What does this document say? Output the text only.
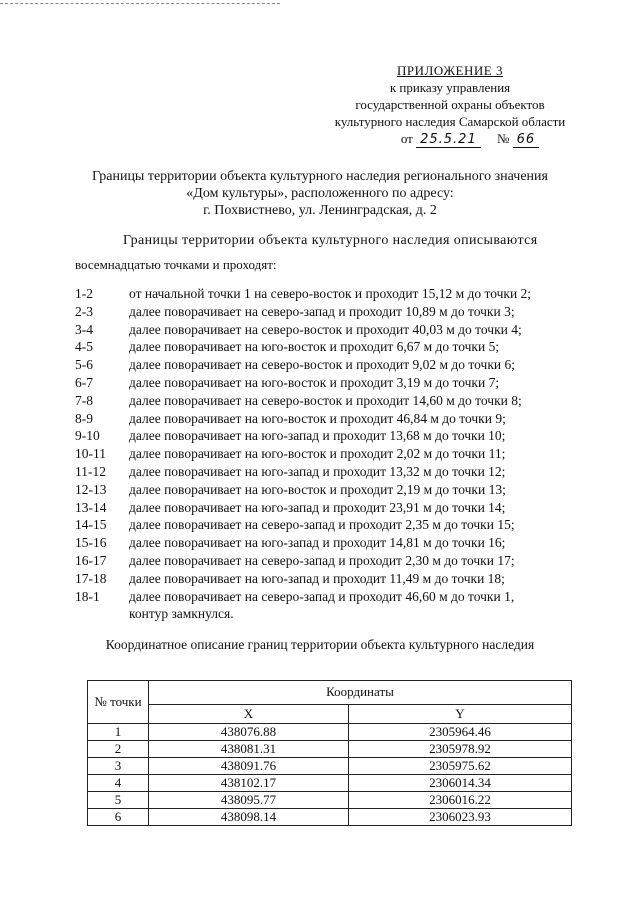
ПРИЛОЖЕНИЕ 3
к приказу управления
государственной охраны объектов
культурного наследия Самарской области
от 25.5.21 № 66
Границы территории объекта культурного наследия регионального значения
«Дом культуры», расположенного по адресу:
г. Похвистнево, ул. Ленинградская, д. 2
Границы территории объекта культурного наследия описываются
восемнадцатью точками и проходят:
1-2	от начальной точки 1 на северо-восток и проходит 15,12 м до точки 2;
2-3	далее поворачивает на северо-запад и проходит 10,89 м до точки 3;
3-4	далее поворачивает на северо-восток и проходит 40,03 м до точки 4;
4-5	далее поворачивает на юго-восток и проходит 6,67 м до точки 5;
5-6	далее поворачивает на северо-восток и проходит 9,02 м до точки 6;
6-7	далее поворачивает на юго-восток и проходит 3,19 м до точки 7;
7-8	далее поворачивает на северо-восток и проходит 14,60 м до точки 8;
8-9	далее поворачивает на юго-восток и проходит 46,84 м до точки 9;
9-10	далее поворачивает на юго-запад и проходит 13,68 м до точки 10;
10-11	далее поворачивает на юго-восток и проходит 2,02 м до точки 11;
11-12	далее поворачивает на юго-запад и проходит 13,32 м до точки 12;
12-13	далее поворачивает на юго-восток и проходит 2,19 м до точки 13;
13-14	далее поворачивает на юго-запад и проходит 23,91 м до точки 14;
14-15	далее поворачивает на северо-запад и проходит 2,35 м до точки 15;
15-16	далее поворачивает на юго-запад и проходит 14,81 м до точки 16;
16-17	далее поворачивает на северо-запад и проходит 2,30 м до точки 17;
17-18	далее поворачивает на юго-запад и проходит 11,49 м до точки 18;
18-1	далее поворачивает на северо-запад и проходит 46,60 м до точки 1,
контур замкнулся.
Координатное описание границ территории объекта культурного наследия
№ точки	Координаты	
	X	Y
1	438076.88	2305964.46
2	438081.31	2305978.92
3	438091.76	2305975.62
4	438102.17	2306014.34
5	438095.77	2306016.22
6	438098.14	2306023.93
